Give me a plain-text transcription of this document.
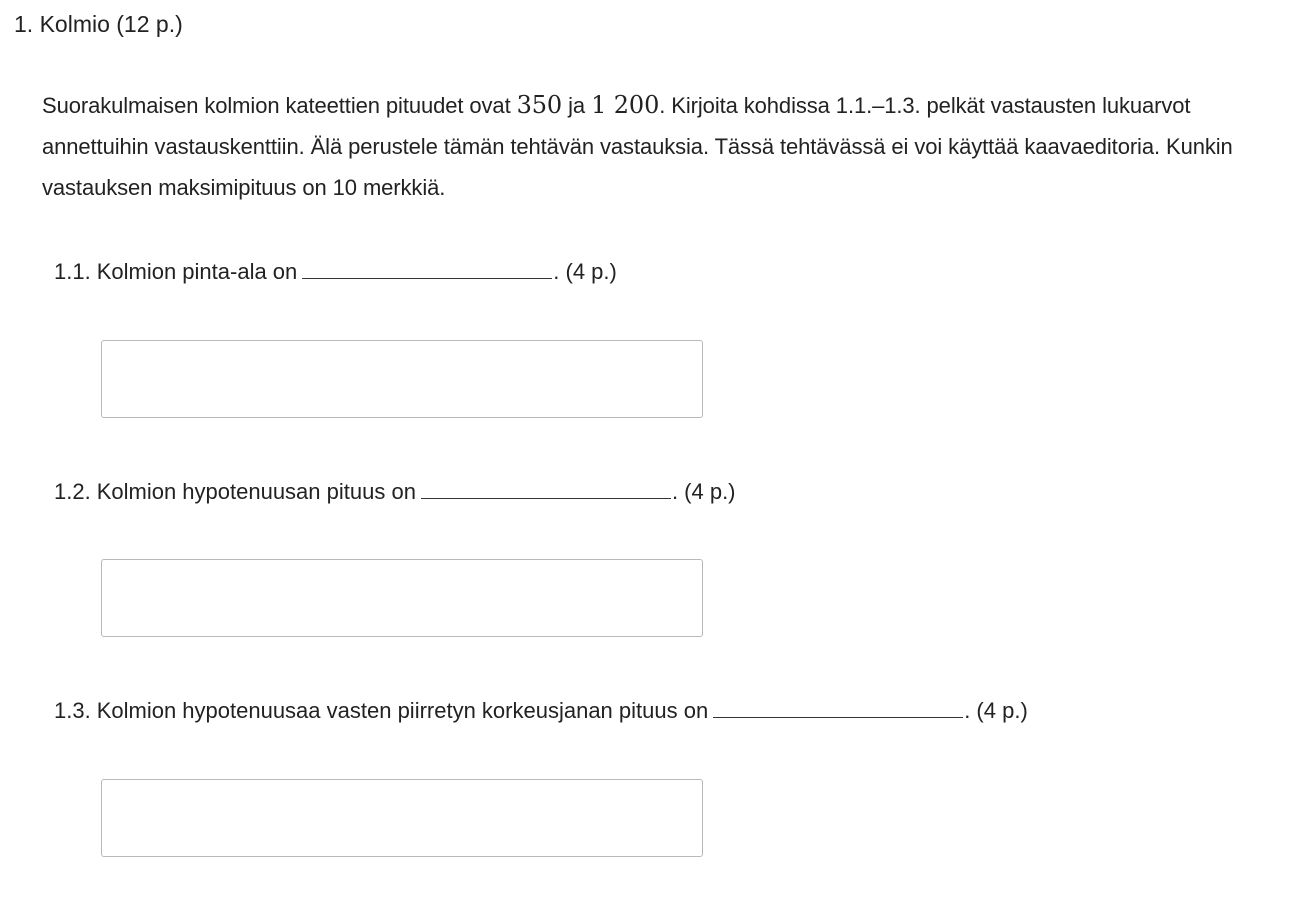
1. Kolmio (12 p.)
Suorakulmaisen kolmion kateettien pituudet ovat 350 ja 1 200. Kirjoita kohdissa 1.1.–1.3. pelkät vastausten lukuarvot annettuihin vastauskenttiin. Älä perustele tämän tehtävän vastauksia. Tässä tehtävässä ei voi käyttää kaavaeditoria. Kunkin vastauksen maksimipituus on 10 merkkiä.
1.1. Kolmion pinta-ala on	. (4 p.)
1.2. Kolmion hypotenuusan pituus on	. (4 p.)
1.3. Kolmion hypotenuusaa vasten piirretyn korkeusjanan pituus on	. (4 p.)
